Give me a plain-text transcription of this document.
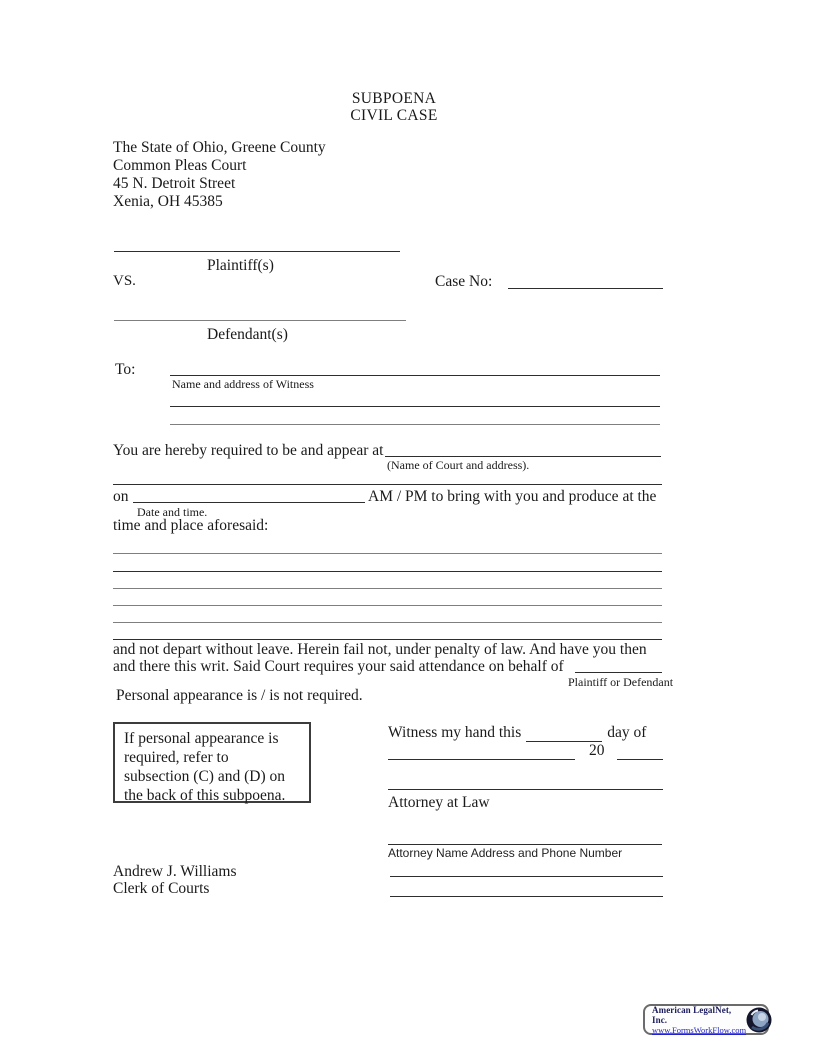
SUBPOENA
CIVIL CASE
The State of Ohio, Greene County
Common Pleas Court
45 N. Detroit Street
Xenia, OH 45385
Plaintiff(s)
VS.	Case No:
Defendant(s)
To:
Name and address of Witness
You are hereby required to be and appear at
(Name of Court and address).
on	AM / PM to bring with you and produce at the
Date and time.
time and place aforesaid:
and not depart without leave. Herein fail not, under penalty of law. And have you then
and there this writ. Said Court requires your said attendance on behalf of
Plaintiff or Defendant
Personal appearance is / is not required.
If personal appearance is
required, refer to
subsection (C) and (D) on
the back of this subpoena.
Witness my hand this	day of
20
Attorney at Law
Attorney Name Address and Phone Number
Andrew J. Williams
Clerk of Courts
American LegalNet, Inc.
www.FormsWorkFlow.com
